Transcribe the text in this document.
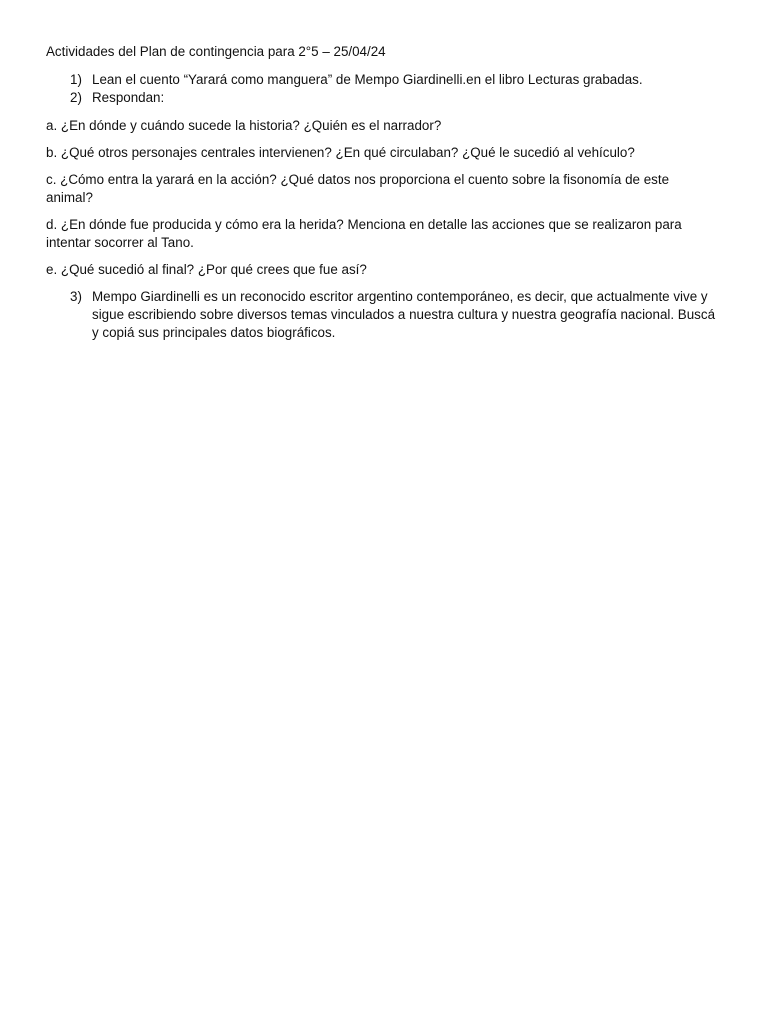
Actividades del Plan de contingencia para 2°5 – 25/04/24

1) Lean el cuento “Yarará como manguera” de Mempo Giardinelli.en el libro Lecturas grabadas.
2) Respondan:

a. ¿En dónde y cuándo sucede la historia? ¿Quién es el narrador?

b. ¿Qué otros personajes centrales intervienen? ¿En qué circulaban? ¿Qué le sucedió al vehículo?

c. ¿Cómo entra la yarará en la acción? ¿Qué datos nos proporciona el cuento sobre la fisonomía de este animal?

d. ¿En dónde fue producida y cómo era la herida? Menciona en detalle las acciones que se realizaron para intentar socorrer al Tano.

e. ¿Qué sucedió al final? ¿Por qué crees que fue así?

3) Mempo Giardinelli es un reconocido escritor argentino contemporáneo, es decir, que actualmente vive y sigue escribiendo sobre diversos temas vinculados a nuestra cultura y nuestra geografía nacional. Buscá y copiá sus principales datos biográficos.
